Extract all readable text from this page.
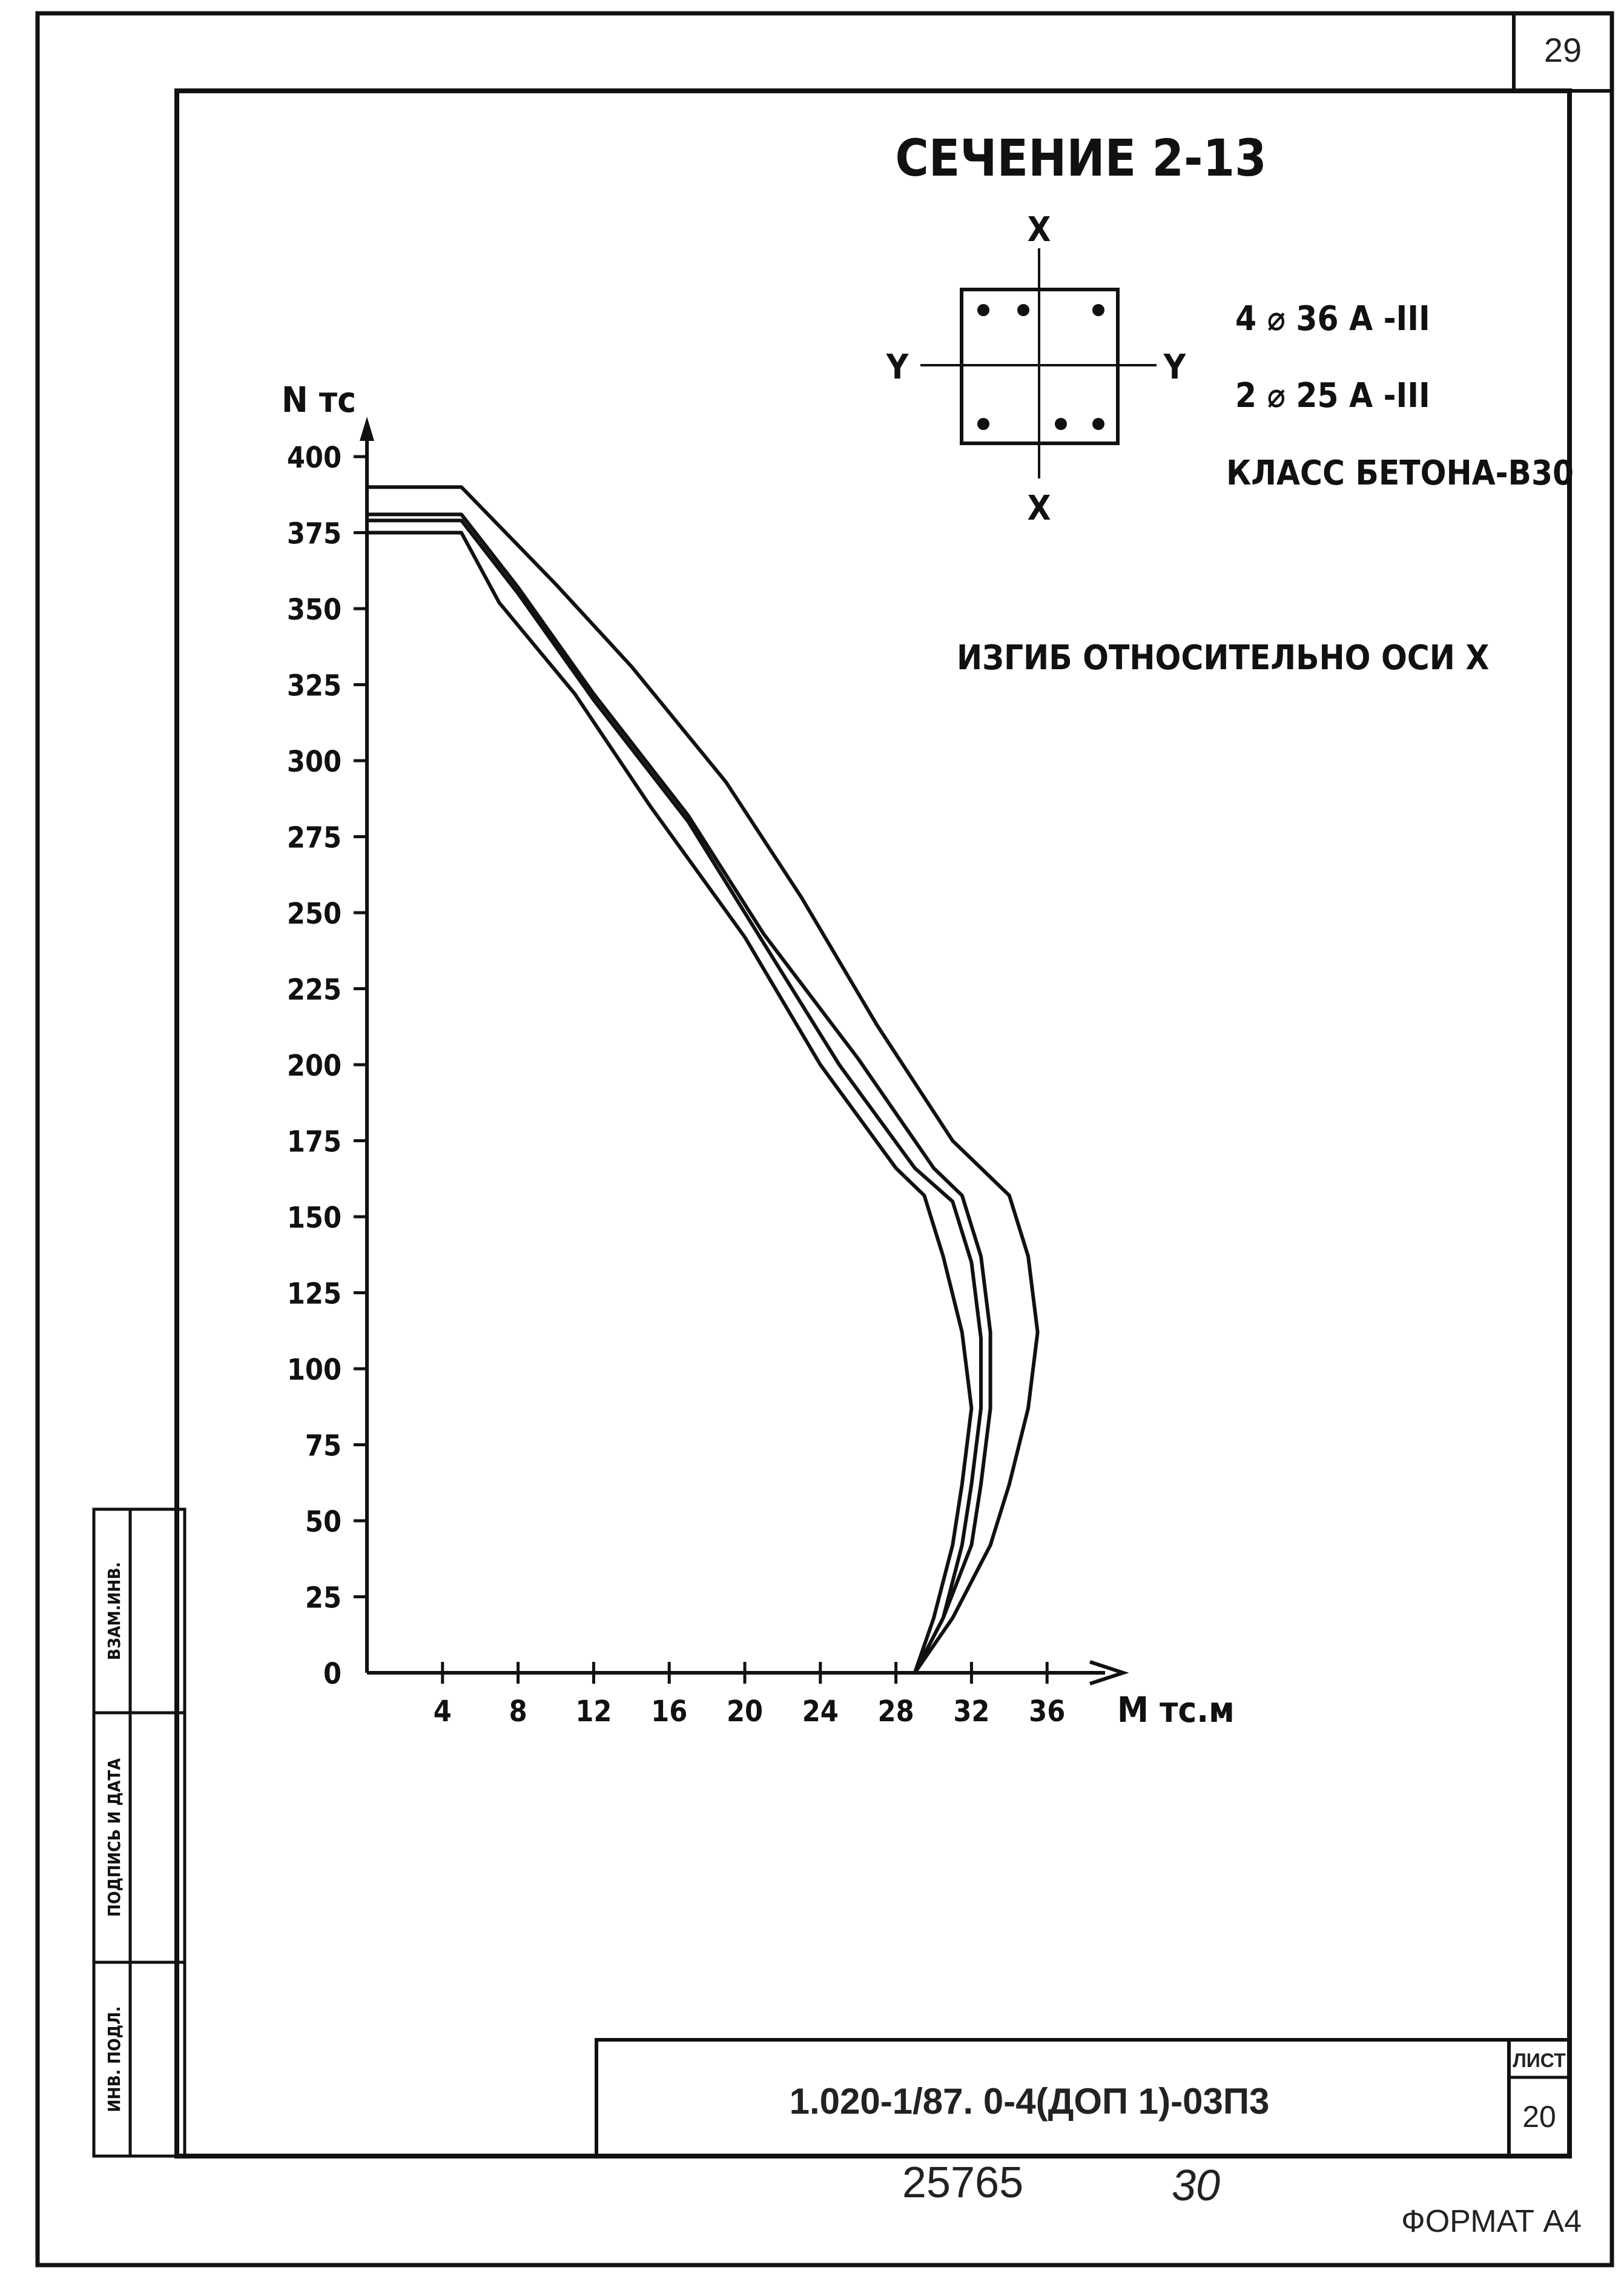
29
СЕЧЕНИЕ 2-13
X
X
Y	Y
4 ⌀ 36 А -III
2 ⌀ 25 А -III
КЛАСС БЕТОНА-В30
ИЗГИБ ОТНОСИТЕЛЬНО ОСИ Х
N тс
М тс.м
0
25
50
75
100
125
150
175
200
225
250
275
300
325
350
375
400
4 8 12 16 20 24 28 32 36
ВЗАМ.ИНВ.
ПОДПИСЬ И ДАТА
ИНВ. ПОДЛ.	1.020-1/87. 0-4(ДОП 1)-03П3
ЛИСТ
20
25765	30
ФОРМАТ А4
